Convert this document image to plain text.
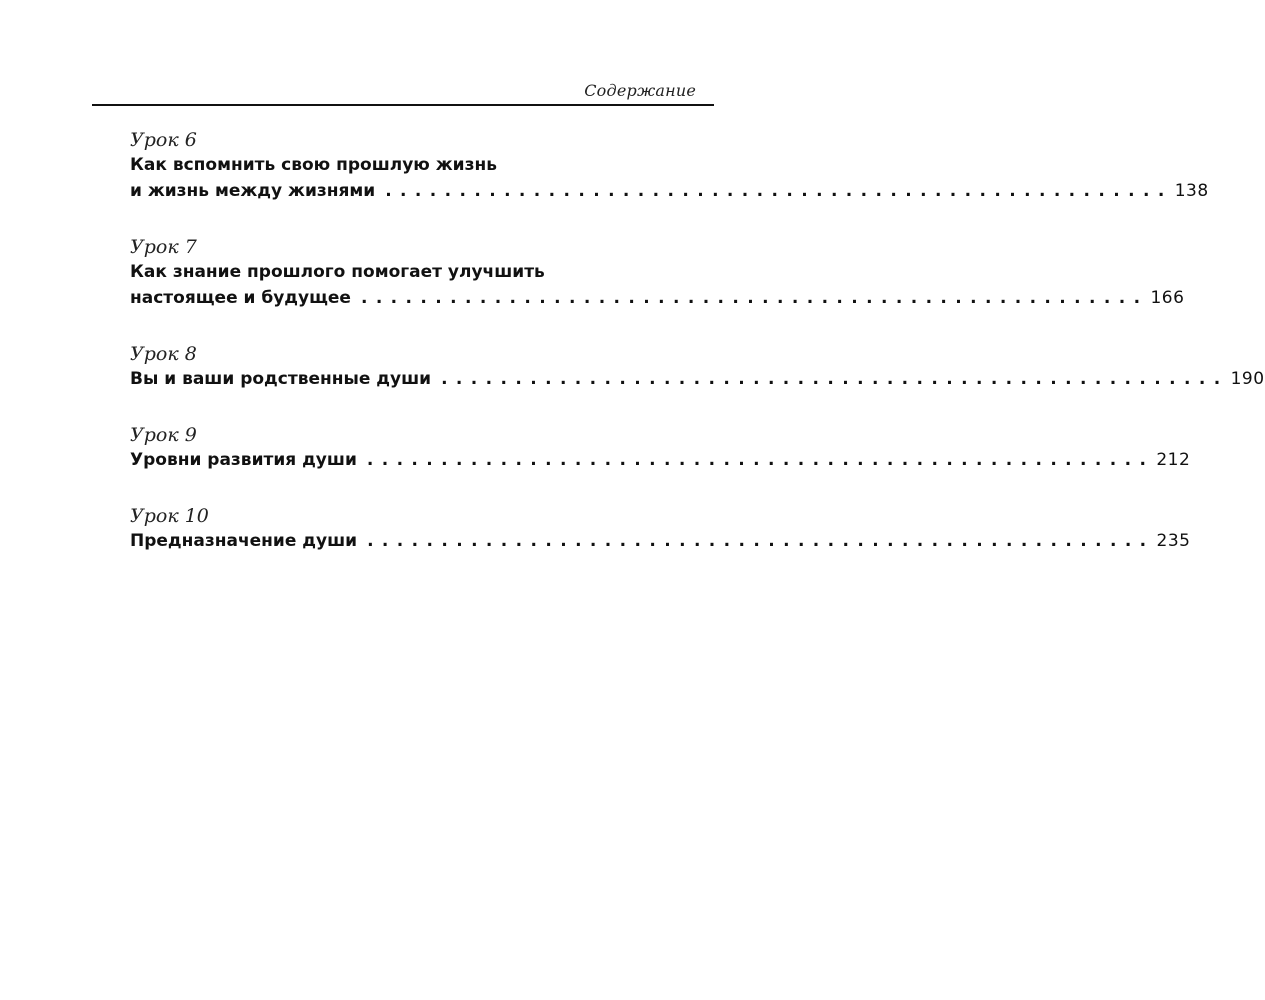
Содержание
Урок 6
Как вспомнить свою прошлую жизнь
и жизнь между жизнями ..................................................... 138
Урок 7
Как знание прошлого помогает улучшить
настоящее и будущее ..................................................... 166
Урок 8
Вы и ваши родственные души ..................................................... 190
Урок 9
Уровни развития души ..................................................... 212
Урок 10
Предназначение души ..................................................... 235
